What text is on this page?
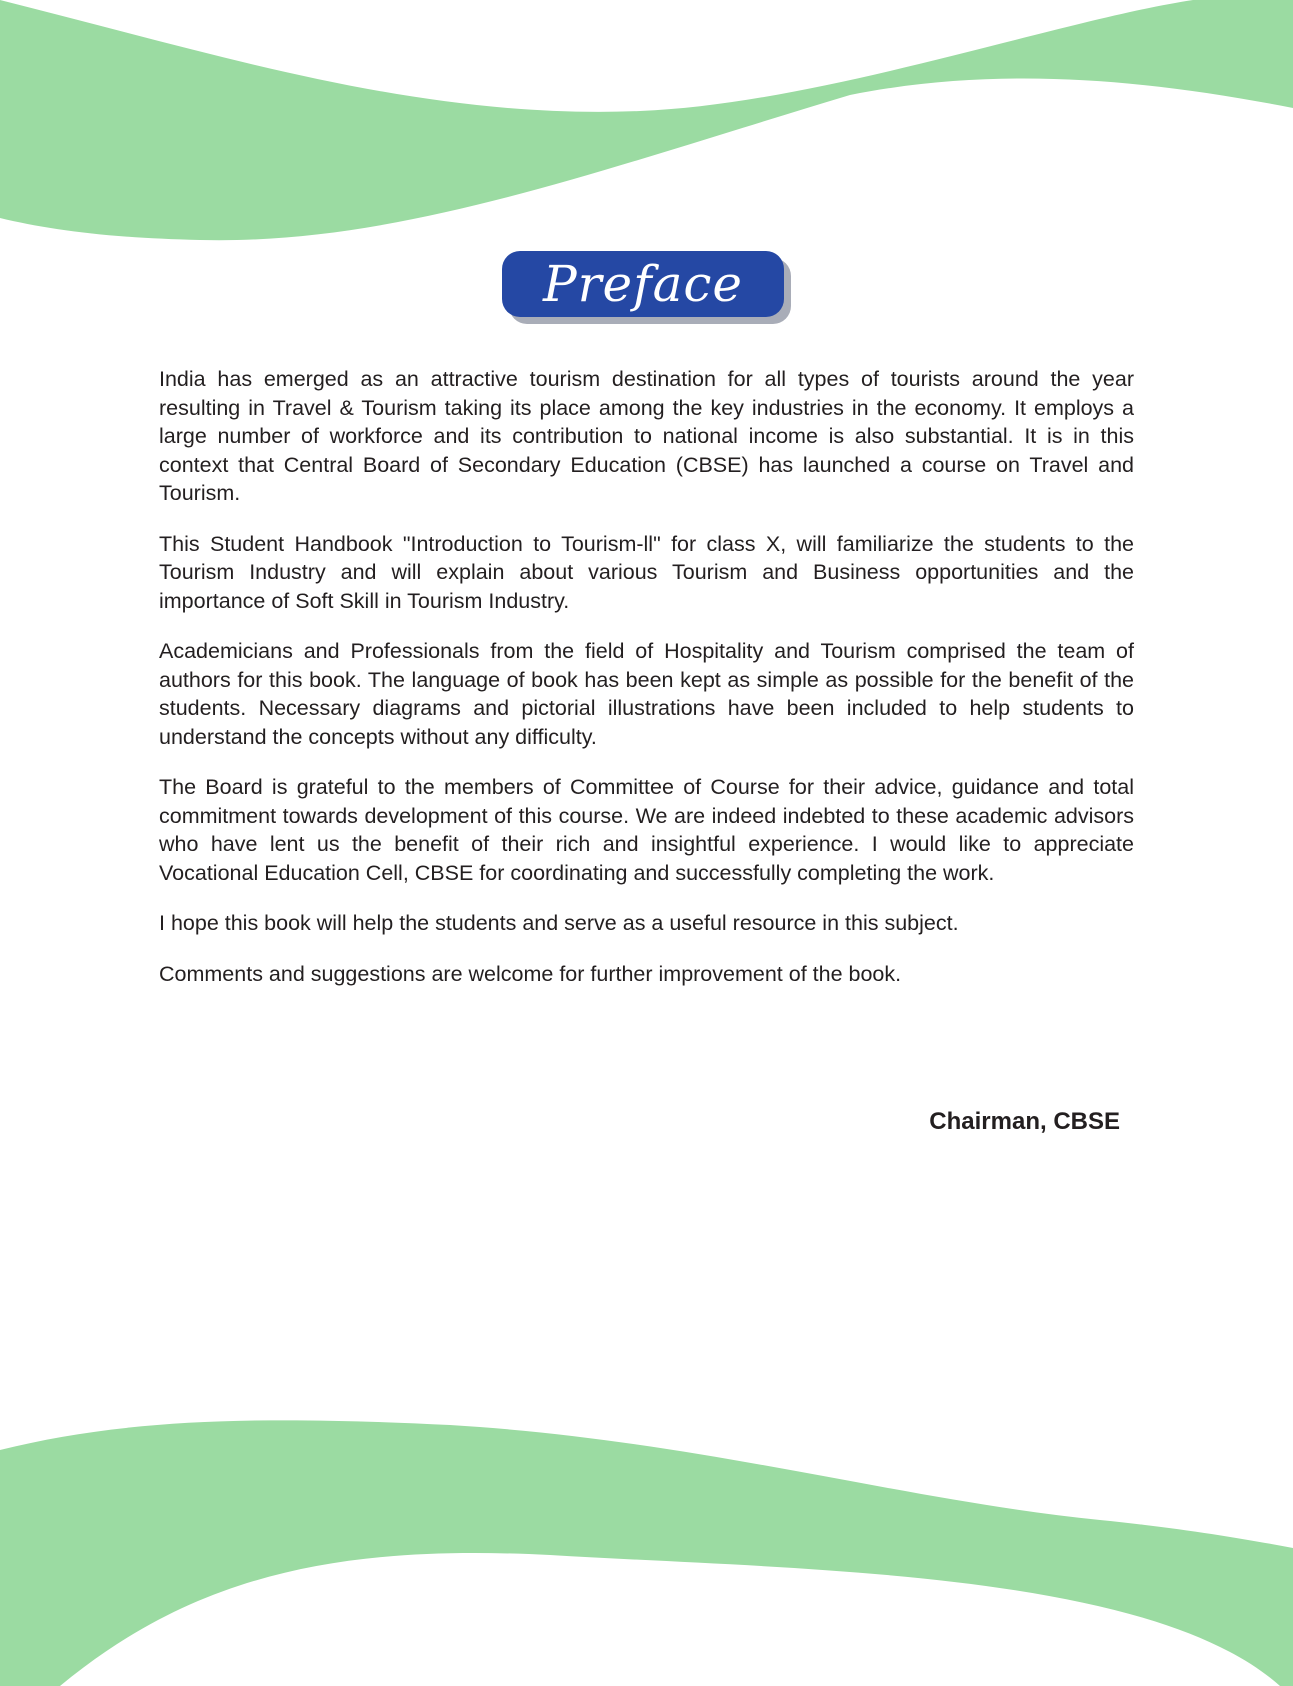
Preface

India has emerged as an attractive tourism destination for all types of tourists around the year resulting in Travel & Tourism taking its place among the key industries in the economy. It employs a large number of workforce and its contribution to national income is also substantial. It is in this context that Central Board of Secondary Education (CBSE) has launched a course on Travel and Tourism.

This Student Handbook "Introduction to Tourism-ll" for class X, will familiarize the students to the Tourism Industry and will explain about various Tourism and Business opportunities and the importance of Soft Skill in Tourism Industry.

Academicians and Professionals from the field of Hospitality and Tourism comprised the team of authors for this book. The language of book has been kept as simple as possible for the benefit of the students. Necessary diagrams and pictorial illustrations have been included to help students to understand the concepts without any difficulty.

The Board is grateful to the members of Committee of Course for their advice, guidance and total commitment towards development of this course. We are indeed indebted to these academic advisors who have lent us the benefit of their rich and insightful experience. I would like to appreciate Vocational Education Cell, CBSE for coordinating and successfully completing the work.

I hope this book will help the students and serve as a useful resource in this subject.

Comments and suggestions are welcome for further improvement of the book.

Chairman, CBSE
